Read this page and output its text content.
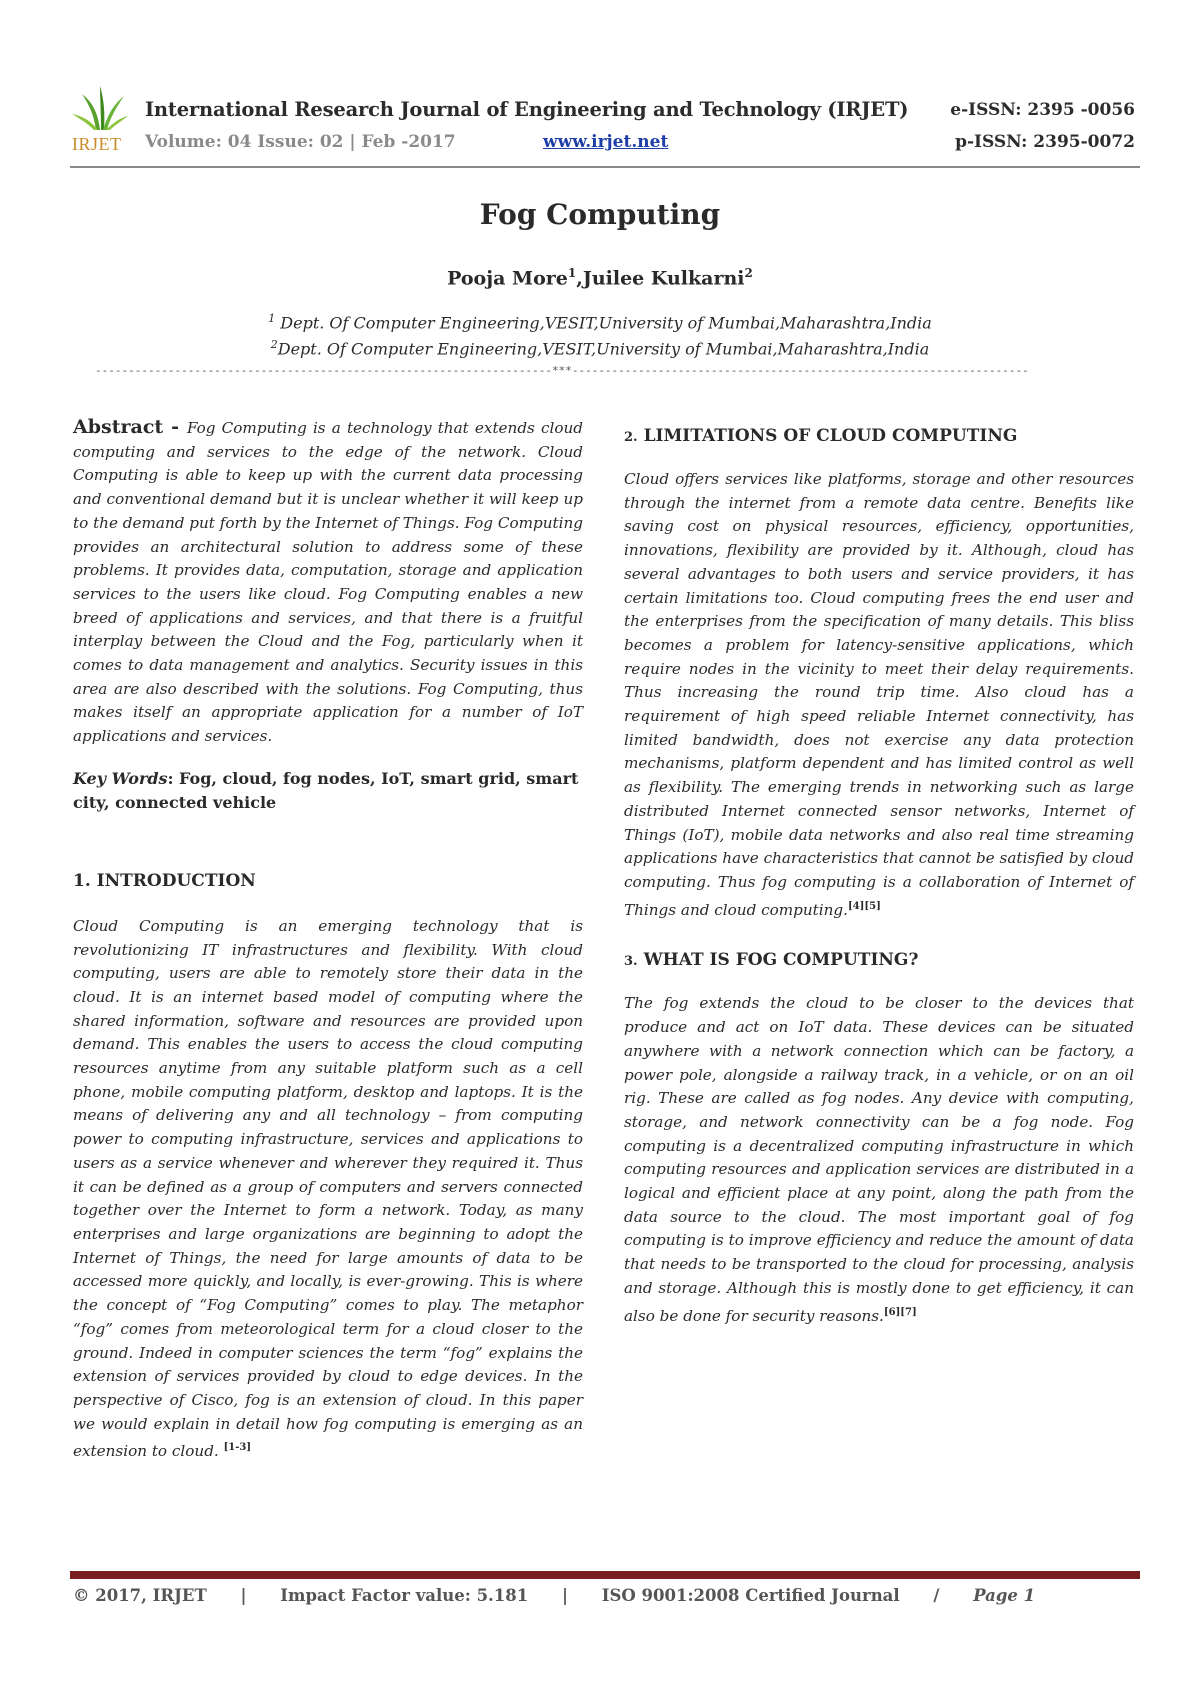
IRJET
International Research Journal of Engineering and Technology (IRJET)
Volume: 04 Issue: 02 | Feb -2017	www.irjet.net
e-ISSN: 2395 -0056
p-ISSN: 2395-0072
Fog Computing
Pooja More$^1$,Juilee Kulkarni$^2$
$^1$ Dept. Of Computer Engineering,VESIT,University of Mumbai,Maharashtra,India
$^2$Dept. Of Computer Engineering,VESIT,University of Mumbai,Maharashtra,India
---------------------------------------------------------------------***---------------------------------------------------------------------

Abstract - Fog Computing is a technology that extends cloud computing and services to the edge of the network. Cloud Computing is able to keep up with the current data processing and conventional demand but it is unclear whether it will keep up to the demand put forth by the Internet of Things. Fog Computing provides an architectural solution to address some of these problems. It provides data, computation, storage and application services to the users like cloud. Fog Computing enables a new breed of applications and services, and that there is a fruitful interplay between the Cloud and the Fog, particularly when it comes to data management and analytics. Security issues in this area are also described with the solutions. Fog Computing, thus makes itself an appropriate application for a number of IoT applications and services.

Key Words: Fog, cloud, fog nodes, IoT, smart grid, smart city, connected vehicle
1. INTRODUCTION

Cloud Computing is an emerging technology that is revolutionizing IT infrastructures and flexibility. With cloud computing, users are able to remotely store their data in the cloud. It is an internet based model of computing where the shared information, software and resources are provided upon demand. This enables the users to access the cloud computing resources anytime from any suitable platform such as a cell phone, mobile computing platform, desktop and laptops. It is the means of delivering any and all technology – from computing power to computing infrastructure, services and applications to users as a service whenever and wherever they required it. Thus it can be defined as a group of computers and servers connected together over the Internet to form a network. Today, as many enterprises and large organizations are beginning to adopt the Internet of Things, the need for large amounts of data to be accessed more quickly, and locally, is ever-growing. This is where the concept of “Fog Computing” comes to play. The metaphor “fog” comes from meteorological term for a cloud closer to the ground. Indeed in computer sciences the term “fog” explains the extension of services provided by cloud to edge devices. In the perspective of Cisco, fog is an extension of cloud. In this paper we would explain in detail how fog computing is emerging as an extension to cloud. [1-3]

2. LIMITATIONS OF CLOUD COMPUTING

Cloud offers services like platforms, storage and other resources through the internet from a remote data centre. Benefits like saving cost on physical resources, efficiency, opportunities, innovations, flexibility are provided by it. Although, cloud has several advantages to both users and service providers, it has certain limitations too. Cloud computing frees the end user and the enterprises from the specification of many details. This bliss becomes a problem for latency-sensitive applications, which require nodes in the vicinity to meet their delay requirements. Thus increasing the round trip time. Also cloud has a requirement of high speed reliable Internet connectivity, has limited bandwidth, does not exercise any data protection mechanisms, platform dependent and has limited control as well as flexibility. The emerging trends in networking such as large distributed Internet connected sensor networks, Internet of Things (IoT), mobile data networks and also real time streaming applications have characteristics that cannot be satisfied by cloud computing. Thus fog computing is a collaboration of Internet of Things and cloud computing.[4][5]

3. WHAT IS FOG COMPUTING?

The fog extends the cloud to be closer to the devices that produce and act on IoT data. These devices can be situated anywhere with a network connection which can be factory, a power pole, alongside a railway track, in a vehicle, or on an oil rig. These are called as fog nodes. Any device with computing, storage, and network connectivity can be a fog node. Fog computing is a decentralized computing infrastructure in which computing resources and application services are distributed in a logical and efficient place at any point, along the path from the data source to the cloud. The most important goal of fog computing is to improve efficiency and reduce the amount of data that needs to be transported to the cloud for processing, analysis and storage. Although this is mostly done to get efficiency, it can also be done for security reasons.[6][7]

© 2017, IRJET | Impact Factor value: 5.181 | ISO 9001:2008 Certified Journal / Page 1
